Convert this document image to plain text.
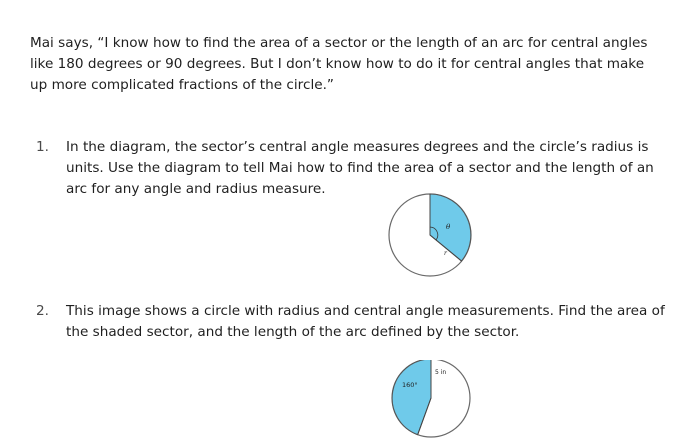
Mai says, “I know how to find the area of a sector or the length of an arc for central angles like 180 degrees or 90 degrees. But I don’t know how to do it for central angles that make up more complicated fractions of the circle.”

1. In the diagram, the sector’s central angle measures degrees and the circle’s radius is units. Use the diagram to tell Mai how to find the area of a sector and the length of an arc for any angle and radius measure.

θ
r
2. This image shows a circle with radius and central angle measurements. Find the area of the shaded sector, and the length of the arc defined by the sector.

160°
5 in
